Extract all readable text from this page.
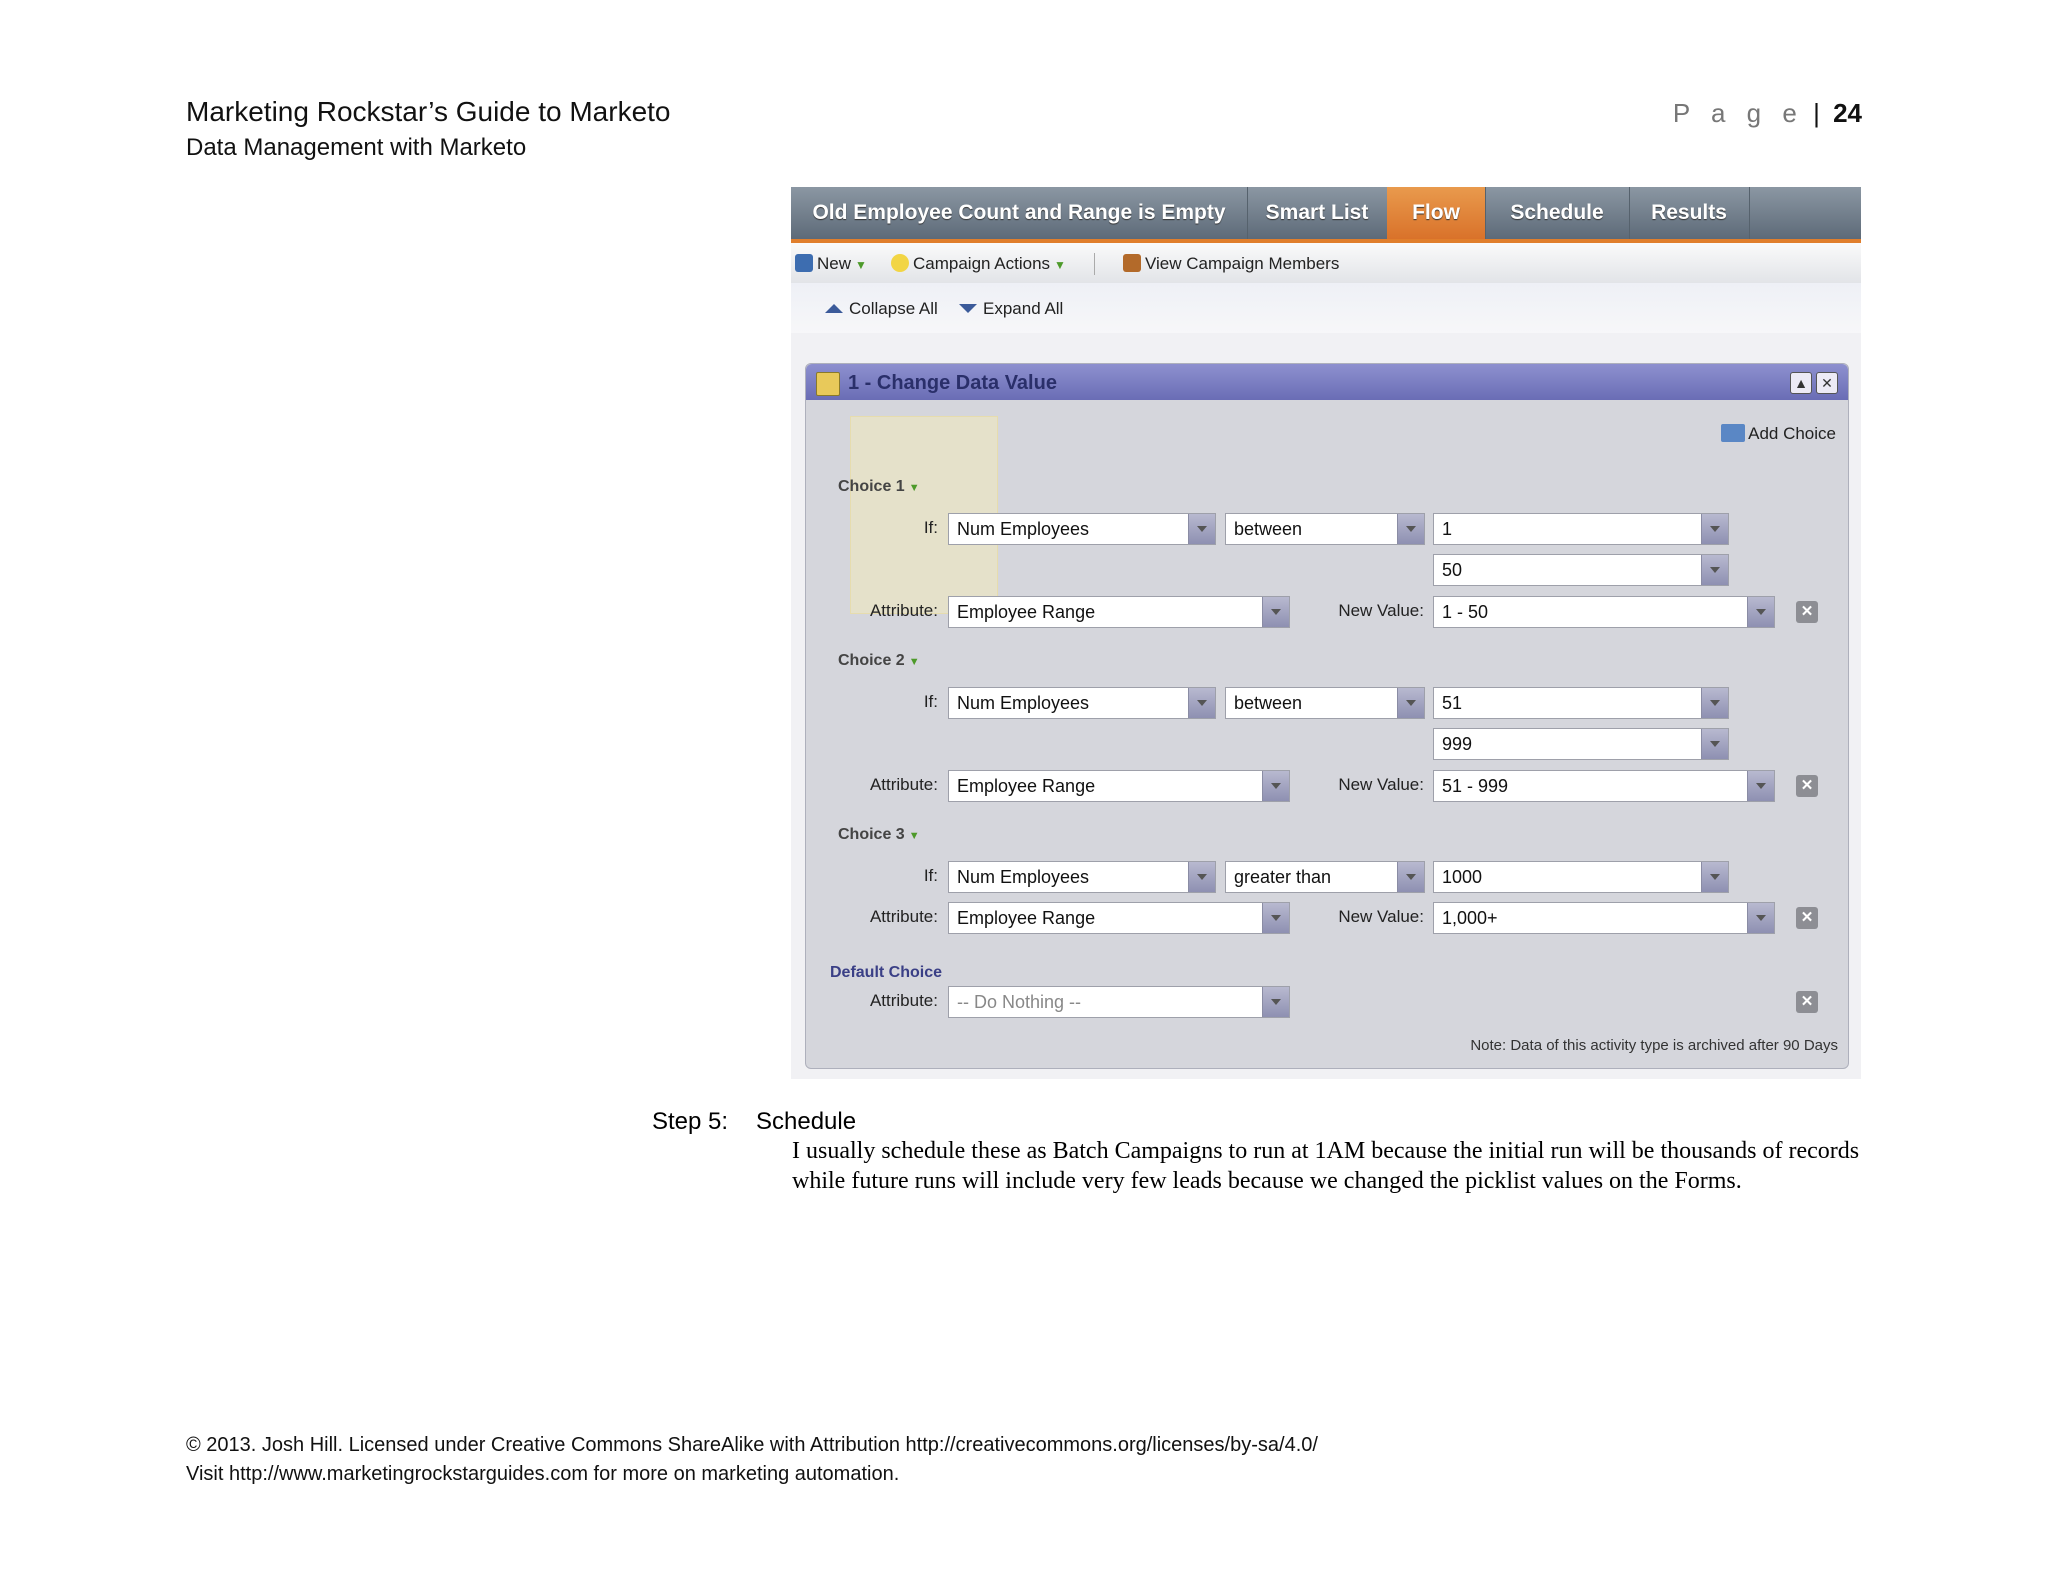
Marketing Rockstar’s Guide to Marketo
Data Management with Marketo
P a g e | 24
Old Employee Count and Range is Empty	Smart List	Flow	Schedule	Results
New ▼	Campaign Actions ▼	View Campaign Members
Collapse All	Expand All
1 - Change Data Value	▲ ✕
Add Choice
Choice 1 ▼
If:	Num Employees	between	1
50
Attribute:	Employee Range	New Value:	1 - 50	✕
Choice 2 ▼
If:	Num Employees	between	51
999
Attribute:	Employee Range	New Value:	51 - 999	✕
Choice 3 ▼
If:	Num Employees	greater than	1000
Attribute:	Employee Range	New Value:	1,000+	✕
Default Choice
Attribute:	-- Do Nothing --	✕
Note: Data of this activity type is archived after 90 Days
Step 5: Schedule
I usually schedule these as Batch Campaigns to run at 1AM because the initial run will be thousands of records while future runs will include very few leads because we changed the picklist values on the Forms.
© 2013. Josh Hill. Licensed under Creative Commons ShareAlike with Attribution http://creativecommons.org/licenses/by-sa/4.0/
Visit http://www.marketingrockstarguides.com for more on marketing automation.
